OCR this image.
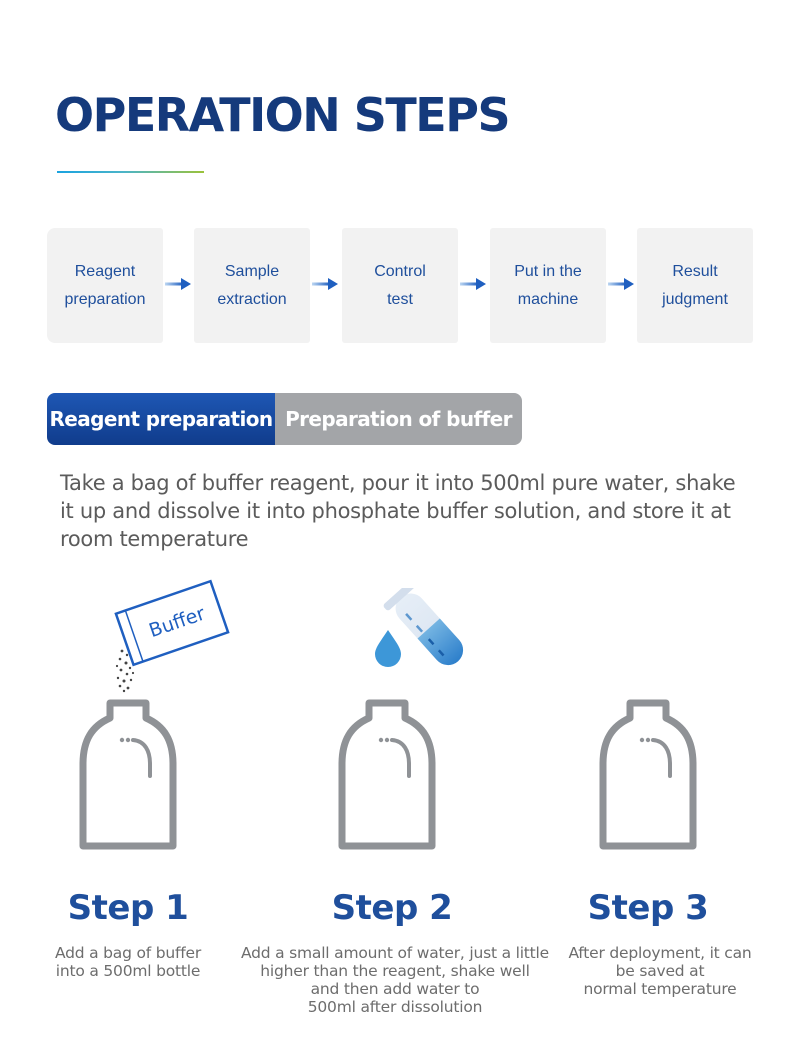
OPERATION STEPS
Reagent
preparation
Sample
extraction
Control
test
Put in the
machine
Result
judgment
Reagent preparation Preparation of buffer

Take a bag of buffer reagent, pour it into 500ml pure water, shake it up and dissolve it into phosphate buffer solution, and store it at room temperature

Buffer
Step 1	Step 2	Step 3

Add a bag of buffer
into a 500ml bottle

Add a small amount of water, just a little
higher than the reagent, shake well
and then add water to
500ml after dissolution

After deployment, it can
be saved at
normal temperature
